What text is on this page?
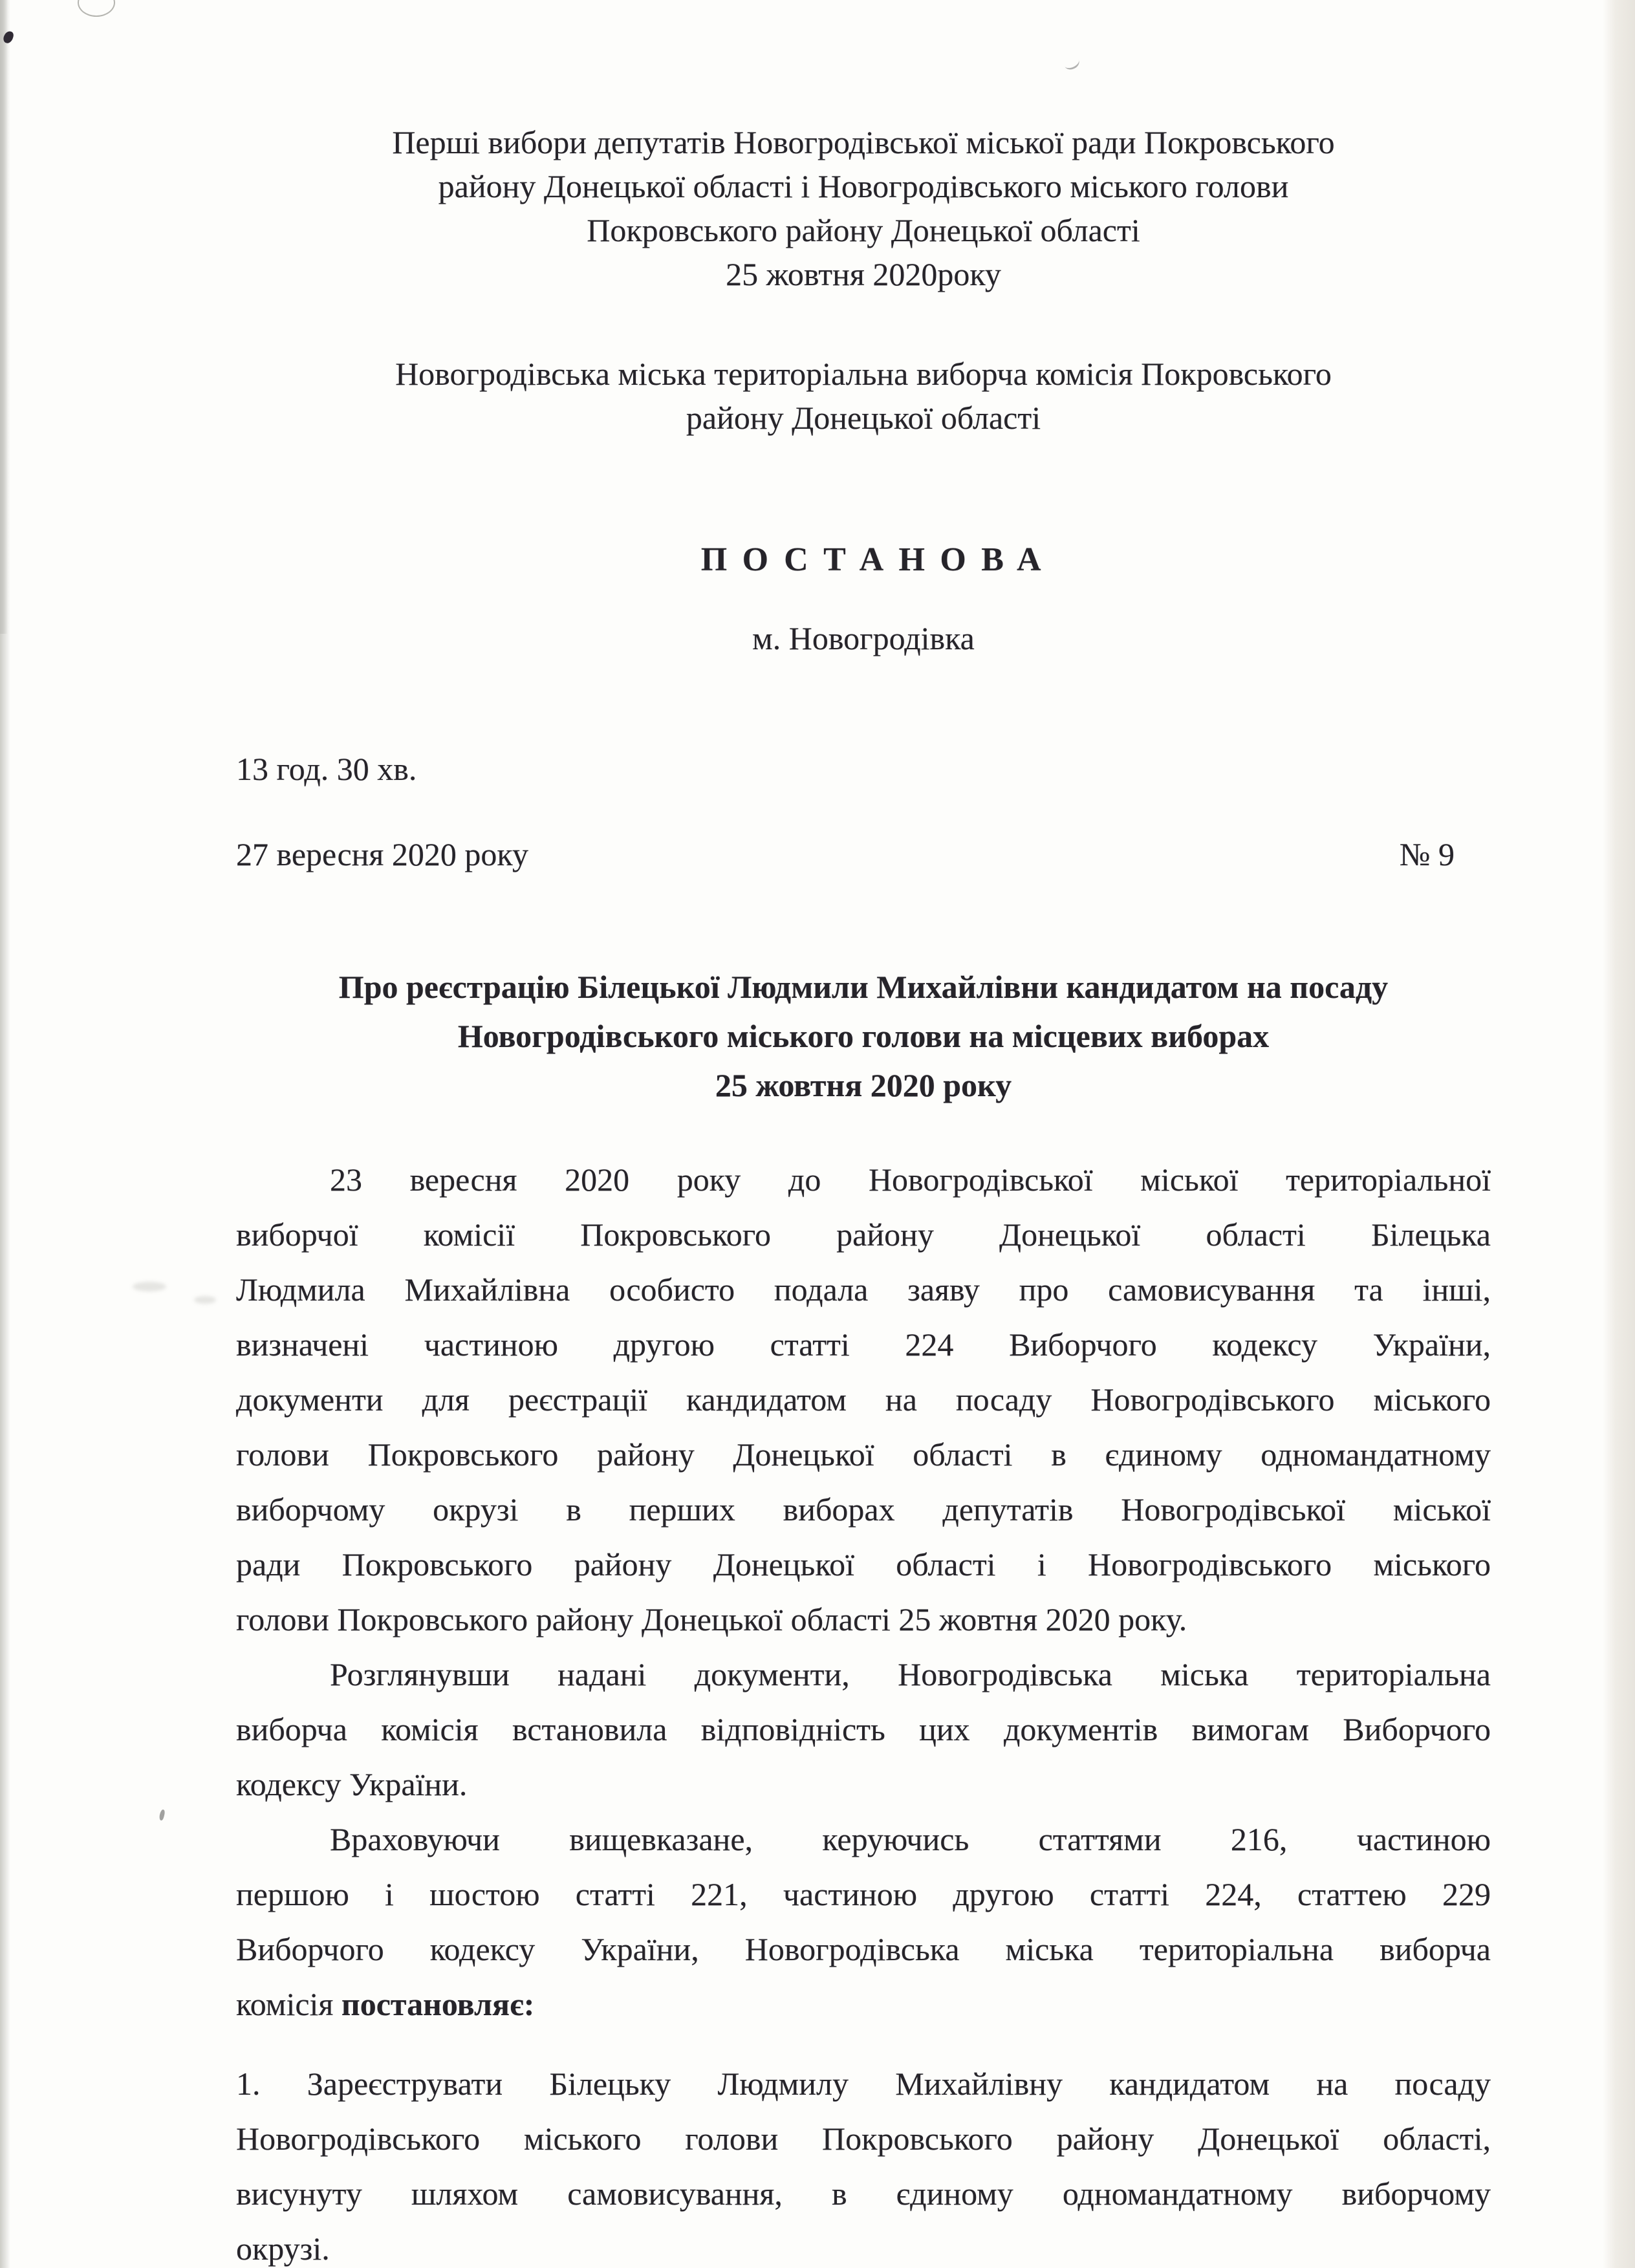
Перші вибори депутатів Новогродівської міської ради Покровського
району Донецької області і Новогродівського міського голови
Покровського району Донецької області
25 жовтня 2020року
Новогродівська міська територіальна виборча комісія Покровського
району Донецької області
ПОСТАНОВА
м. Новогродівка
13 год. 30 хв.
27 вересня 2020 року	№ 9
Про реєстрацію Білецької Людмили Михайлівни кандидатом на посаду
Новогродівського міського голови на місцевих виборах
25 жовтня 2020 року
23 вересня 2020 року до Новогродівської міської територіальної
виборчої комісії Покровського району Донецької області Білецька
Людмила Михайлівна особисто подала заяву про самовисування та інші,
визначені частиною другою статті 224 Виборчого кодексу України,
документи для реєстрації кандидатом на посаду Новогродівського міського
голови Покровського району Донецької області в єдиному одномандатному
виборчому окрузі в перших виборах депутатів Новогродівської міської
ради Покровського району Донецької області і Новогродівського міського
голови Покровського району Донецької області 25 жовтня 2020 року.
Розглянувши надані документи, Новогродівська міська територіальна
виборча комісія встановила відповідність цих документів вимогам Виборчого
кодексу України.
Враховуючи вищевказане, керуючись статтями 216, частиною
першою і шостою статті 221, частиною другою статті 224, статтею 229
Виборчого кодексу України, Новогродівська міська територіальна виборча
комісія постановляє:
1. Зареєструвати Білецьку Людмилу Михайлівну кандидатом на посаду
Новогродівського міського голови Покровського району Донецької області,
висунуту шляхом самовисування, в єдиному одномандатному виборчому
окрузі.
